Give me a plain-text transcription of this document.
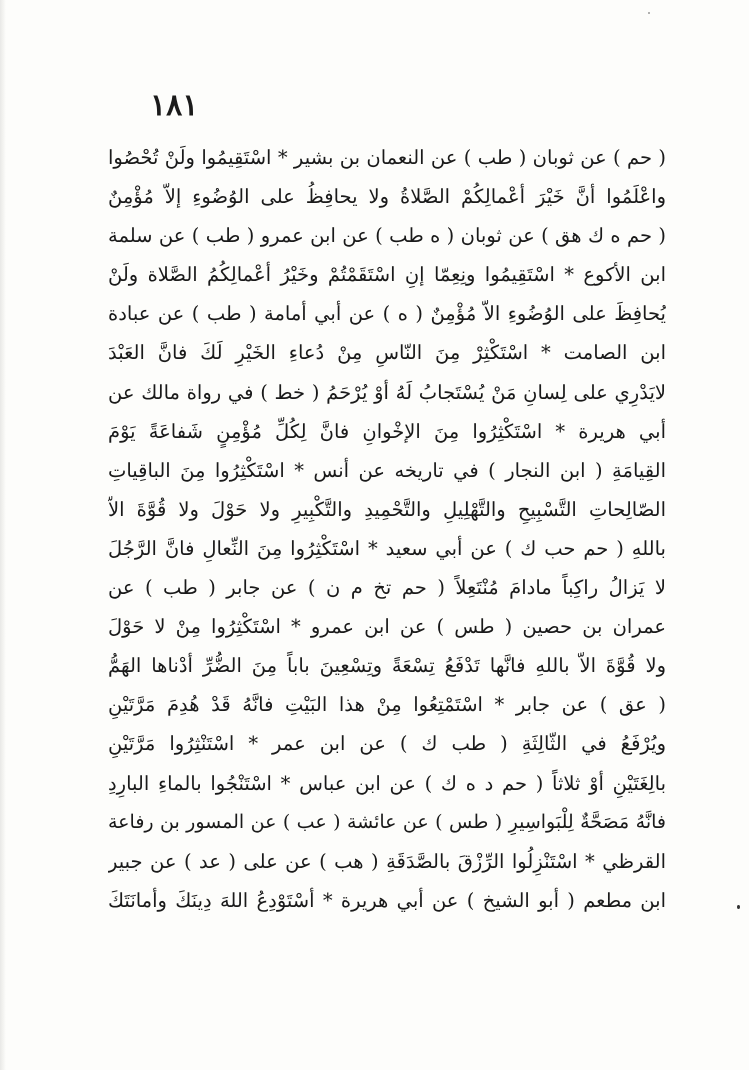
١٨١
( حم ) عن ثوبان ( طب ) عن النعمان بن بشير * اسْتَقِيمُوا ولَنْ تُحْصُوا
واعْلَمُوا أنَّ خَيْرَ أعْمالِكُمْ الصَّلاةُ ولا يحافِظُ على الوُضُوءِ إلاّ مُؤْمِنٌ
( حم ه ك هق ) عن ثوبان ( ه طب ) عن ابن عمرو ( طب ) عن سلمة
ابن الأكوع * اسْتَقِيمُوا ونِعِمّا إنِ اسْتَقَمْتُمْ وخَيْرُ أعْمالِكُمُ الصَّلاة ولَنْ
يُحافِظَ على الوُضُوءِ الاّ مُؤْمِنٌ ( ه ) عن أبي أمامة ( طب ) عن عبادة
ابن الصامت * اسْتَكْثِرْ مِنَ النّاسِ مِنْ دُعاءِ الخَيْرِ لَكَ فانَّ العَبْدَ
لايَدْرِي على لِسانِ مَنْ يُسْتَجابُ لَهُ أوْ يُرْحَمُ ( خط ) في رواة مالك عن
أبي هريرة * اسْتَكْثِرُوا مِنَ الإخْوانِ فانَّ لِكُلِّ مُؤْمِنٍ شَفاعَةً يَوْمَ
القِيامَةِ ( ابن النجار ) في تاريخه عن أنس * اسْتَكْثِرُوا مِنَ الباقِياتِ
الصّالِحاتِ التَّسْبِيحِ والتَّهْلِيلِ والتَّحْمِيدِ والتَّكْبِيرِ ولا حَوْلَ ولا قُوَّةَ الاّ
باللهِ ( حم حب ك ) عن أبي سعيد * اسْتَكْثِرُوا مِنَ النِّعالِ فانَّ الرَّجُلَ
لا يَزالُ راكِباً مادامَ مُنْتَعِلاً ( حم تخ م ن ) عن جابر ( طب ) عن
عمران بن حصين ( طس ) عن ابن عمرو * اسْتَكْثِرُوا مِنْ لا حَوْلَ
ولا قُوَّةَ الاّ باللهِ فانَّها تَدْفَعُ تِسْعَةً وتِسْعِينَ باباً مِنَ الضُّرِّ أدْناها الهَمُّ
( عق ) عن جابر * اسْتَمْتِعُوا مِنْ هذا البَيْتِ فانَّهُ قَدْ هُدِمَ مَرَّتَيْنِ
ويُرْفَعُ في الثّالِثَةِ ( طب ك ) عن ابن عمر * اسْتَنْثِرُوا مَرَّتَيْنِ
بالِغَتَيْنِ أوْ ثلاثاً ( حم د ه ك ) عن ابن عباس * اسْتَنْجُوا بالماءِ البارِدِ
فانَّهُ مَصَحَّةٌ لِلْبَواسِيرِ ( طس ) عن عائشة ( عب ) عن المسور بن رفاعة
القرظي * اسْتَنْزِلُوا الرِّزْقَ بالصَّدَقَةِ ( هب ) عن على ( عد ) عن جبير
ابن مطعم ( أبو الشيخ ) عن أبي هريرة * أسْتَوْدِعُ اللهَ دِينَكَ وأمانَتَكَ
